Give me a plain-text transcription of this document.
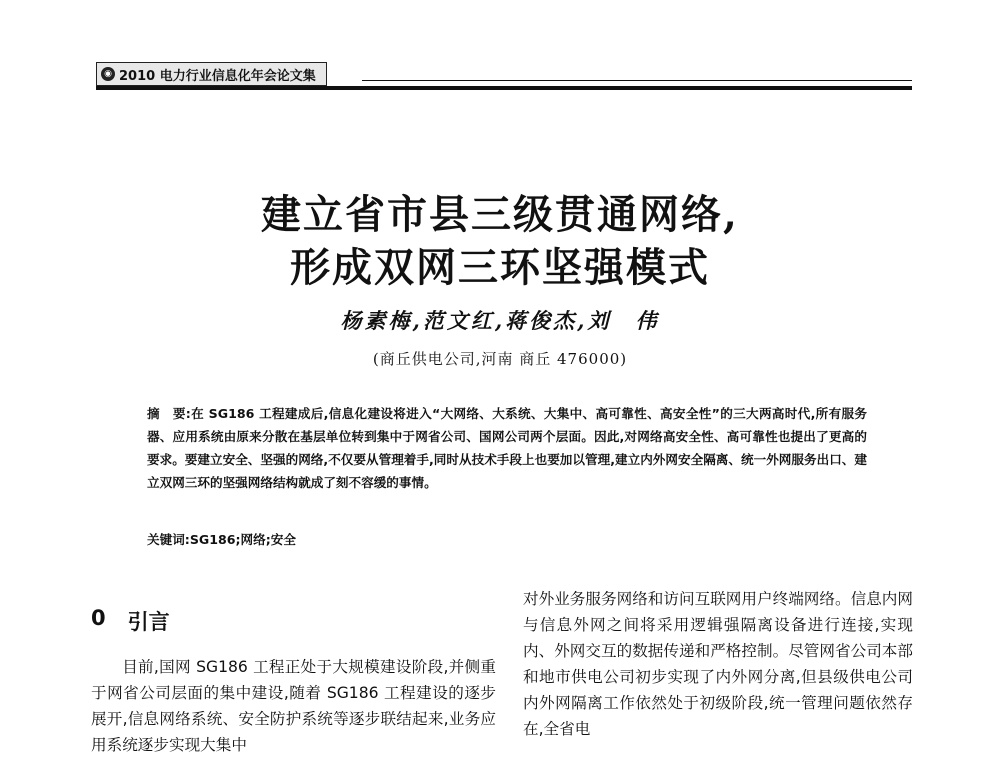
◉ 2010 电力行业信息化年会论文集
建立省市县三级贯通网络,
形成双网三环坚强模式
杨素梅,范文红,蒋俊杰,刘　伟
(商丘供电公司,河南 商丘 476000)
摘　要:在 SG186 工程建成后,信息化建设将进入“大网络、大系统、大集中、高可靠性、高安全性”的三大两高时代,所有服务器、应用系统由原来分散在基层单位转到集中于网省公司、国网公司两个层面。因此,对网络高安全性、高可靠性也提出了更高的要求。要建立安全、坚强的网络,不仅要从管理着手,同时从技术手段上也要加以管理,建立内外网安全隔离、统一外网服务出口、建立双网三环的坚强网络结构就成了刻不容缓的事情。
关键词:SG186;网络;安全
0 引言
目前,国网 SG186 工程正处于大规模建设阶段,并侧重于网省公司层面的集中建设,随着 SG186 工程建设的逐步展开,信息网络系统、安全防护系统等逐步联结起来,业务应用系统逐步实现大集中
对外业务服务网络和访问互联网用户终端网络。信息内网与信息外网之间将采用逻辑强隔离设备进行连接,实现内、外网交互的数据传递和严格控制。尽管网省公司本部和地市供电公司初步实现了内外网分离,但县级供电公司内外网隔离工作依然处于初级阶段,统一管理问题依然存在,全省电
